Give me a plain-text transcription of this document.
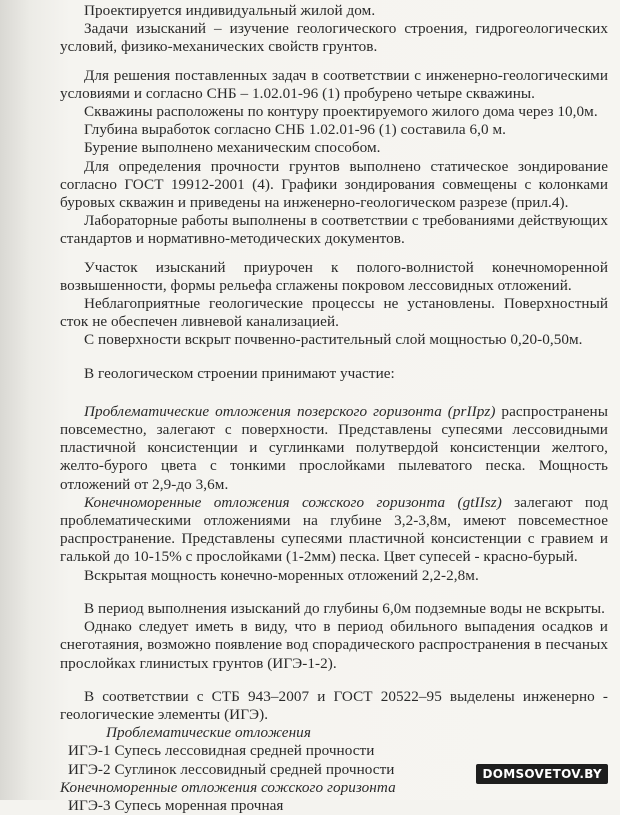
Проектируется индивидуальный жилой дом.

Задачи изысканий – изучение геологического строения, гидрогеологических условий, физико-механических свойств грунтов.

Для решения поставленных задач в соответствии с инженерно-геологическими условиями и согласно СНБ – 1.02.01-96 (1) пробурено четыре скважины.

Скважины расположены по контуру проектируемого жилого дома через 10,0м.

Глубина выработок согласно СНБ 1.02.01-96 (1) составила 6,0 м.

Бурение выполнено механическим способом.

Для определения прочности грунтов выполнено статическое зондирование согласно ГОСТ 19912-2001 (4). Графики зондирования совмещены с колонками буровых скважин и приведены на инженерно-геологическом разрезе (прил.4).

Лабораторные работы выполнены в соответствии с требованиями действующих стандартов и нормативно-методических документов.

Участок изысканий приурочен к полого-волнистой конечноморенной возвышенности, формы рельефа сглажены покровом лессовидных отложений.

Неблагоприятные геологические процессы не установлены. Поверхностный сток не обеспечен ливневой канализацией.

С поверхности вскрыт почвенно-растительный слой мощностью 0,20-0,50м.

В геологическом строении принимают участие:

Проблематические отложения позерского горизонта (prIIpz) распространены повсеместно, залегают с поверхности. Представлены супесями лессовидными пластичной консистенции и суглинками полутвердой консистенции желтого, желто-бурого цвета с тонкими прослойками пылеватого песка. Мощность отложений от 2,9-до 3,6м.

Конечноморенные отложения сожского горизонта (gtIIsz) залегают под проблематическими отложениями на глубине 3,2-3,8м, имеют повсеместное распространение. Представлены супесями пластичной консистенции с гравием и галькой до 10-15% с прослойками (1-2мм) песка. Цвет супесей - красно-бурый.

Вскрытая мощность конечно-моренных отложений 2,2-2,8м.

В период выполнения изысканий до глубины 6,0м подземные воды не вскрыты.

Однако следует иметь в виду, что в период обильного выпадения осадков и снеготаяния, возможно появление вод спорадического распространения в песчаных прослойках глинистых грунтов (ИГЭ-1-2).

В соответствии с СТБ 943–2007 и ГОСТ 20522–95 выделены инженерно - геологические элементы (ИГЭ).

Проблематические отложения
ИГЭ-1 Супесь лессовидная средней прочности
ИГЭ-2 Суглинок лессовидный средней прочности
Конечноморенные отложения сожского горизонта
ИГЭ-3 Супесь моренная прочная
DOMSOVETOV.BY
